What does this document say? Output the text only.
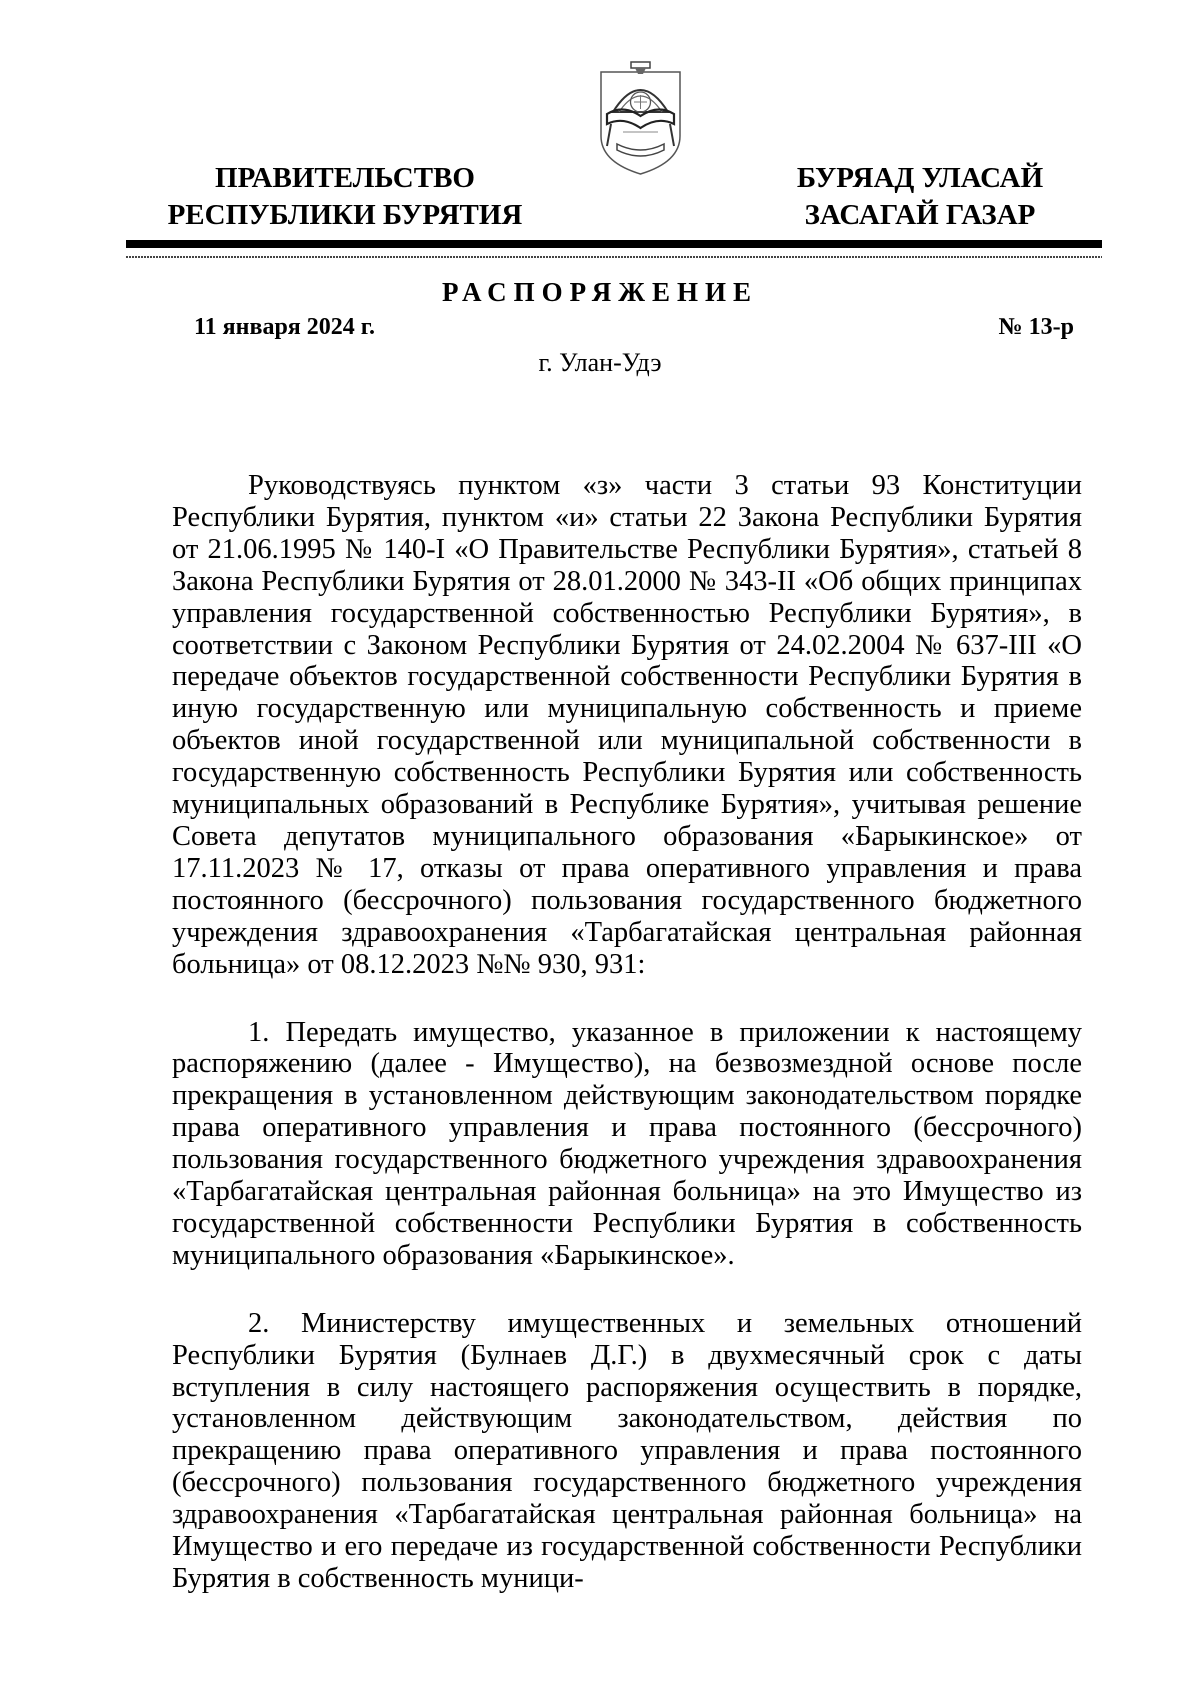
ПРАВИТЕЛЬСТВО
РЕСПУБЛИКИ БУРЯТИЯ
БУРЯАД УЛАСАЙ
ЗАСАГАЙ ГАЗАР
РАСПОРЯЖЕНИЕ
11 января 2024 г.	№ 13-р
г. Улан-Удэ

Руководствуясь пунктом «з» части 3 статьи 93 Конституции Республики Бурятия, пунктом «и» статьи 22 Закона Республики Бурятия от 21.06.1995 № 140-I «О Правительстве Республики Бурятия», статьей 8 Закона Республики Бурятия от 28.01.2000 № 343-II «Об общих принципах управления государственной собственностью Республики Бурятия», в соответствии с Законом Республики Бурятия от 24.02.2004 № 637-III «О передаче объектов государственной собственности Республики Бурятия в иную государственную или муниципальную собственность и приеме объектов иной государственной или муниципальной собственности в государственную собственность Республики Бурятия или собственность муниципальных образований в Республике Бурятия», учитывая решение Совета депутатов муниципального образования «Барыкинское» от 17.11.2023 № 17, отказы от права оперативного управления и права постоянного (бессрочного) пользования государственного бюджетного учреждения здравоохранения «Тарбагатайская центральная районная больница» от 08.12.2023 №№ 930, 931:

1. Передать имущество, указанное в приложении к настоящему распоряжению (далее - Имущество), на безвозмездной основе после прекращения в установленном действующим законодательством порядке права оперативного управления и права постоянного (бессрочного) пользования государственного бюджетного учреждения здравоохранения «Тарбагатайская центральная районная больница» на это Имущество из государственной собственности Республики Бурятия в собственность муниципального образования «Барыкинское».

2. Министерству имущественных и земельных отношений Республики Бурятия (Булнаев Д.Г.) в двухмесячный срок с даты вступления в силу настоящего распоряжения осуществить в порядке, установленном действующим законодательством, действия по прекращению права оперативного управления и права постоянного (бессрочного) пользования государственного бюджетного учреждения здравоохранения «Тарбагатайская центральная районная больница» на Имущество и его передаче из государственной собственности Республики Бурятия в собственность муници-
